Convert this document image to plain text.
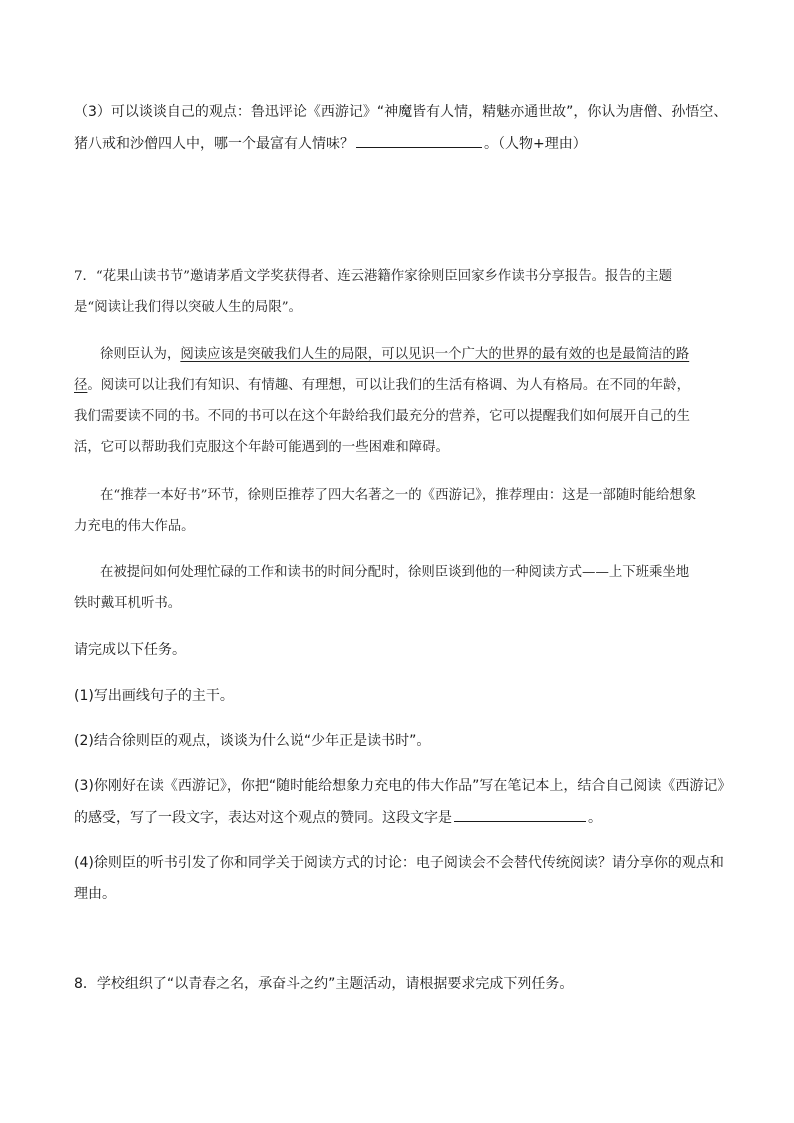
（3）可以谈谈自己的观点：鲁迅评论《西游记》“神魔皆有人情，精魅亦通世故”，你认为唐僧、孙悟空、
猪八戒和沙僧四人中，哪一个最富有人情味？	。（人物+理由）
7．“花果山读书节”邀请茅盾文学奖获得者、连云港籍作家徐则臣回家乡作读书分享报告。报告的主题
是“阅读让我们得以突破人生的局限”。
徐则臣认为，阅读应该是突破我们人生的局限，可以见识一个广大的世界的最有效的也是最简洁的路
径。阅读可以让我们有知识、有情趣、有理想，可以让我们的生活有格调、为人有格局。在不同的年龄，
我们需要读不同的书。不同的书可以在这个年龄给我们最充分的营养，它可以提醒我们如何展开自己的生
活，它可以帮助我们克服这个年龄可能遇到的一些困难和障碍。
在“推荐一本好书”环节，徐则臣推荐了四大名著之一的《西游记》，推荐理由：这是一部随时能给想象
力充电的伟大作品。
在被提问如何处理忙碌的工作和读书的时间分配时，徐则臣谈到他的一种阅读方式——上下班乘坐地
铁时戴耳机听书。
请完成以下任务。
(1)写出画线句子的主干。
(2)结合徐则臣的观点，谈谈为什么说“少年正是读书时”。
(3)你刚好在读《西游记》，你把“随时能给想象力充电的伟大作品”写在笔记本上，结合自己阅读《西游记》
的感受，写了一段文字，表达对这个观点的赞同。这段文字是	。
(4)徐则臣的听书引发了你和同学关于阅读方式的讨论：电子阅读会不会替代传统阅读？请分享你的观点和
理由。
8．学校组织了“以青春之名，承奋斗之约”主题活动，请根据要求完成下列任务。
